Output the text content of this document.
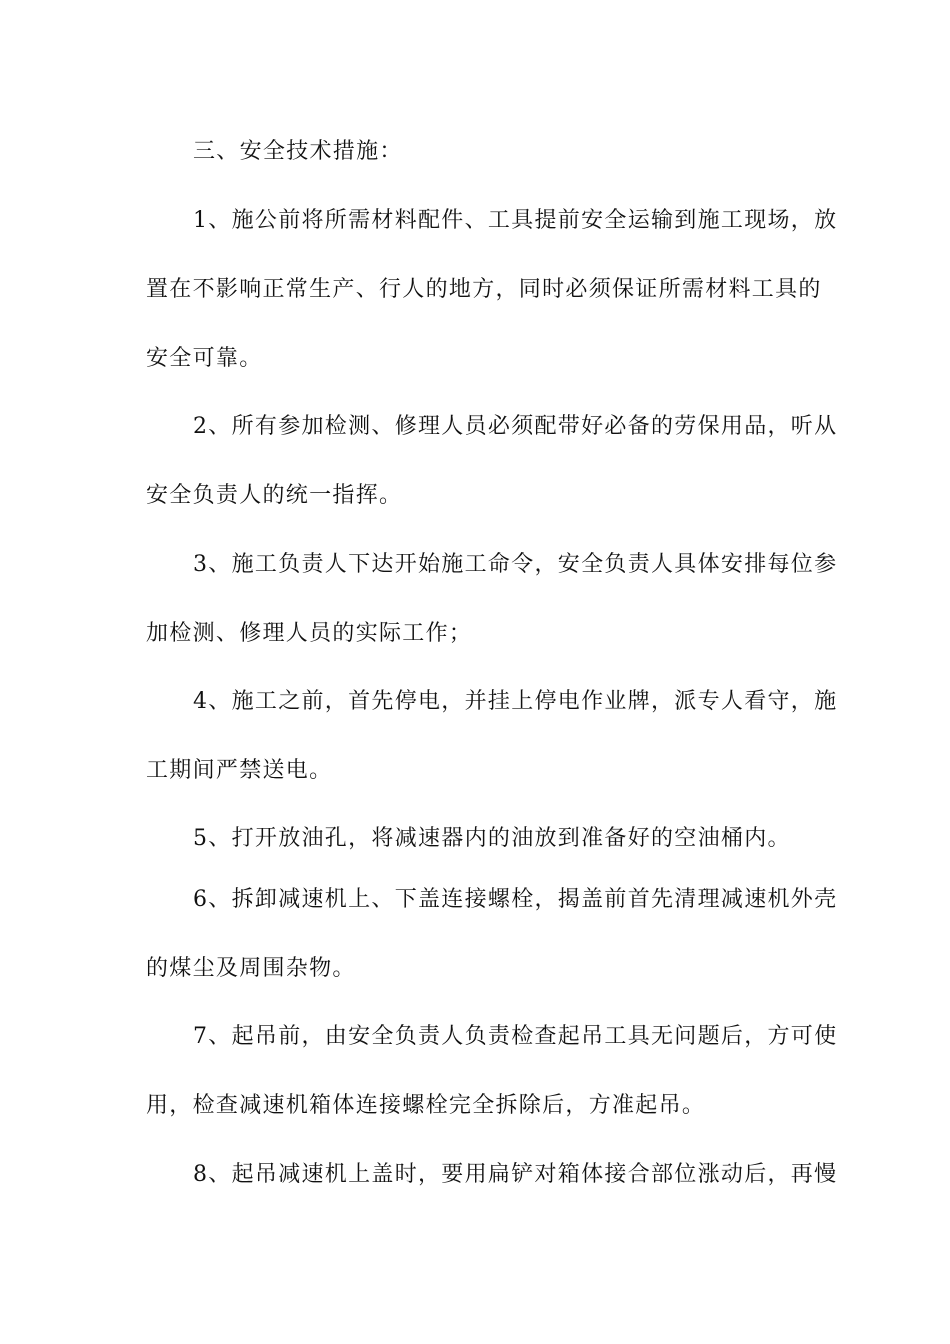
三、安全技术措施：
1、施公前将所需材料配件、工具提前安全运输到施工现场，放
置在不影响正常生产、行人的地方，同时必须保证所需材料工具的
安全可靠。
2、所有参加检测、修理人员必须配带好必备的劳保用品，听从
安全负责人的统一指挥。
3、施工负责人下达开始施工命令，安全负责人具体安排每位参
加检测、修理人员的实际工作；
4、施工之前，首先停电，并挂上停电作业牌，派专人看守，施
工期间严禁送电。
5、打开放油孔，将减速器内的油放到准备好的空油桶内。
6、拆卸减速机上、下盖连接螺栓，揭盖前首先清理减速机外壳
的煤尘及周围杂物。
7、起吊前，由安全负责人负责检查起吊工具无问题后，方可使
用，检查减速机箱体连接螺栓完全拆除后，方准起吊。
8、起吊减速机上盖时，要用扁铲对箱体接合部位涨动后，再慢
